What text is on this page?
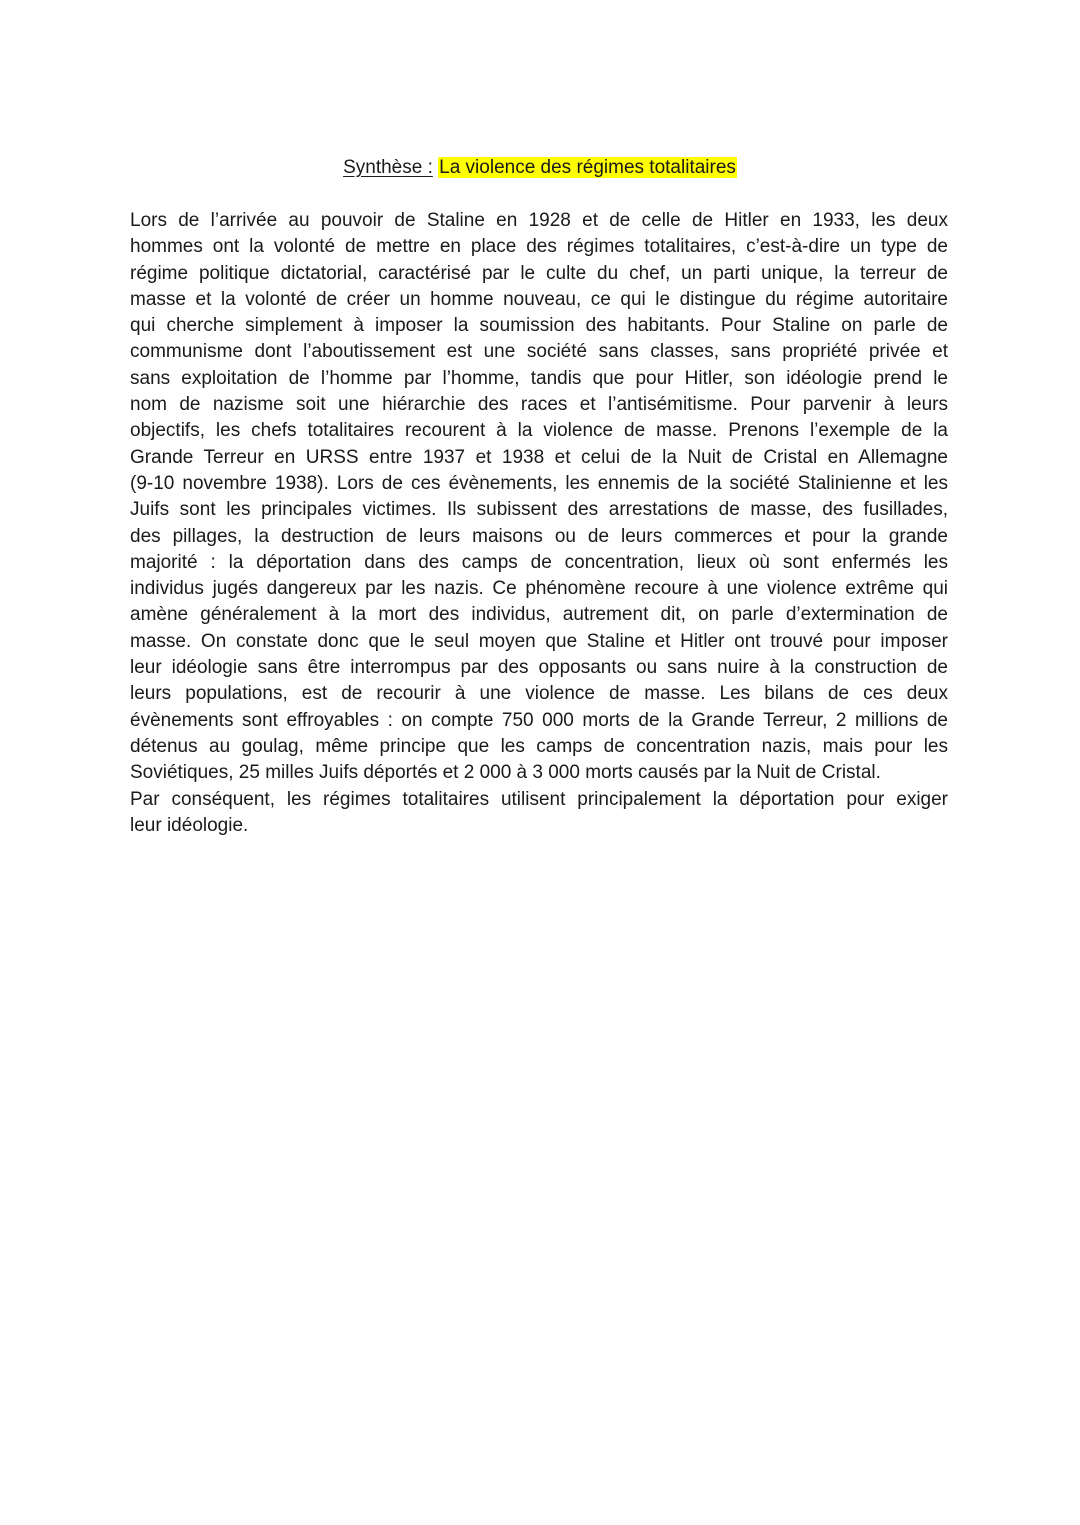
Synthèse : La violence des régimes totalitaires
Lors de l’arrivée au pouvoir de Staline en 1928 et de celle de Hitler en 1933, les deux
hommes ont la volonté de mettre en place des régimes totalitaires, c’est-à-dire un type de
régime politique dictatorial, caractérisé par le culte du chef, un parti unique, la terreur de
masse et la volonté de créer un homme nouveau, ce qui le distingue du régime autoritaire
qui cherche simplement à imposer la soumission des habitants. Pour Staline on parle de
communisme dont l’aboutissement est une société sans classes, sans propriété privée et
sans exploitation de l’homme par l’homme, tandis que pour Hitler, son idéologie prend le
nom de nazisme soit une hiérarchie des races et l’antisémitisme. Pour parvenir à leurs
objectifs, les chefs totalitaires recourent à la violence de masse. Prenons l’exemple de la
Grande Terreur en URSS entre 1937 et 1938 et celui de la Nuit de Cristal en Allemagne
(9-10 novembre 1938). Lors de ces évènements, les ennemis de la société Stalinienne et les
Juifs sont les principales victimes. Ils subissent des arrestations de masse, des fusillades,
des pillages, la destruction de leurs maisons ou de leurs commerces et pour la grande
majorité : la déportation dans des camps de concentration, lieux où sont enfermés les
individus jugés dangereux par les nazis. Ce phénomène recoure à une violence extrême qui
amène généralement à la mort des individus, autrement dit, on parle d’extermination de
masse. On constate donc que le seul moyen que Staline et Hitler ont trouvé pour imposer
leur idéologie sans être interrompus par des opposants ou sans nuire à la construction de
leurs populations, est de recourir à une violence de masse. Les bilans de ces deux
évènements sont effroyables : on compte 750 000 morts de la Grande Terreur, 2 millions de
détenus au goulag, même principe que les camps de concentration nazis, mais pour les
Soviétiques, 25 milles Juifs déportés et 2 000 à 3 000 morts causés par la Nuit de Cristal.
Par conséquent, les régimes totalitaires utilisent principalement la déportation pour exiger
leur idéologie.
